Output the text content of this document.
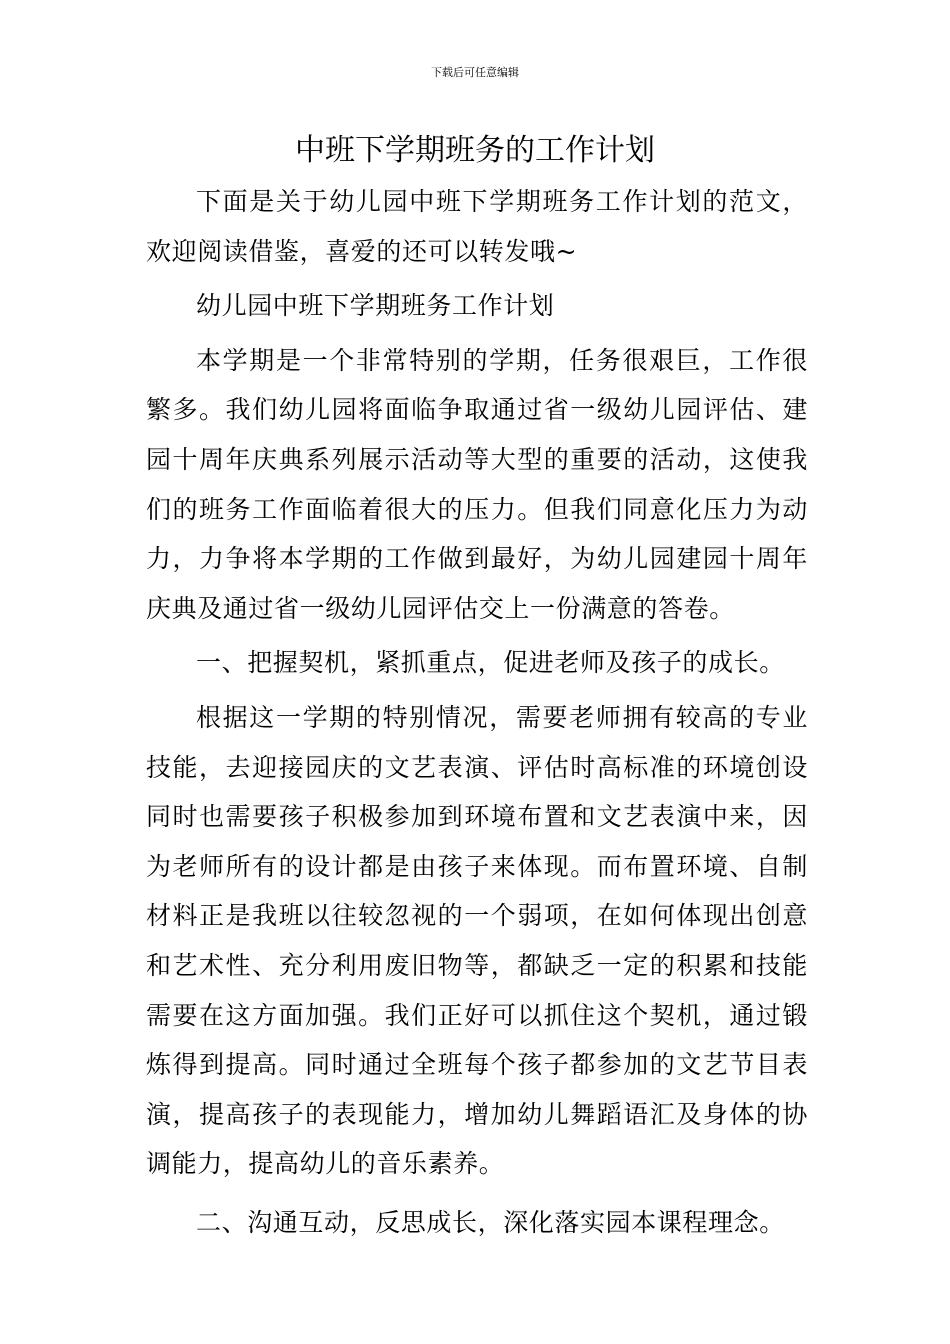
下载后可任意编辑
中班下学期班务的工作计划

下面是关于幼儿园中班下学期班务工作计划的范文，欢迎阅读借鉴，喜爱的还可以转发哦~

幼儿园中班下学期班务工作计划

本学期是一个非常特别的学期，任务很艰巨，工作很繁多。我们幼儿园将面临争取通过省一级幼儿园评估、建园十周年庆典系列展示活动等大型的重要的活动，这使我们的班务工作面临着很大的压力。但我们同意化压力为动力，力争将本学期的工作做到最好，为幼儿园建园十周年庆典及通过省一级幼儿园评估交上一份满意的答卷。

一、把握契机，紧抓重点，促进老师及孩子的成长。

根据这一学期的特别情况，需要老师拥有较高的专业技能，去迎接园庆的文艺表演、评估时高标准的环境创设同时也需要孩子积极参加到环境布置和文艺表演中来，因为老师所有的设计都是由孩子来体现。而布置环境、自制材料正是我班以往较忽视的一个弱项，在如何体现出创意和艺术性、充分利用废旧物等，都缺乏一定的积累和技能需要在这方面加强。我们正好可以抓住这个契机，通过锻炼得到提高。同时通过全班每个孩子都参加的文艺节目表演，提高孩子的表现能力，增加幼儿舞蹈语汇及身体的协调能力，提高幼儿的音乐素养。

二、沟通互动，反思成长，深化落实园本课程理念。
